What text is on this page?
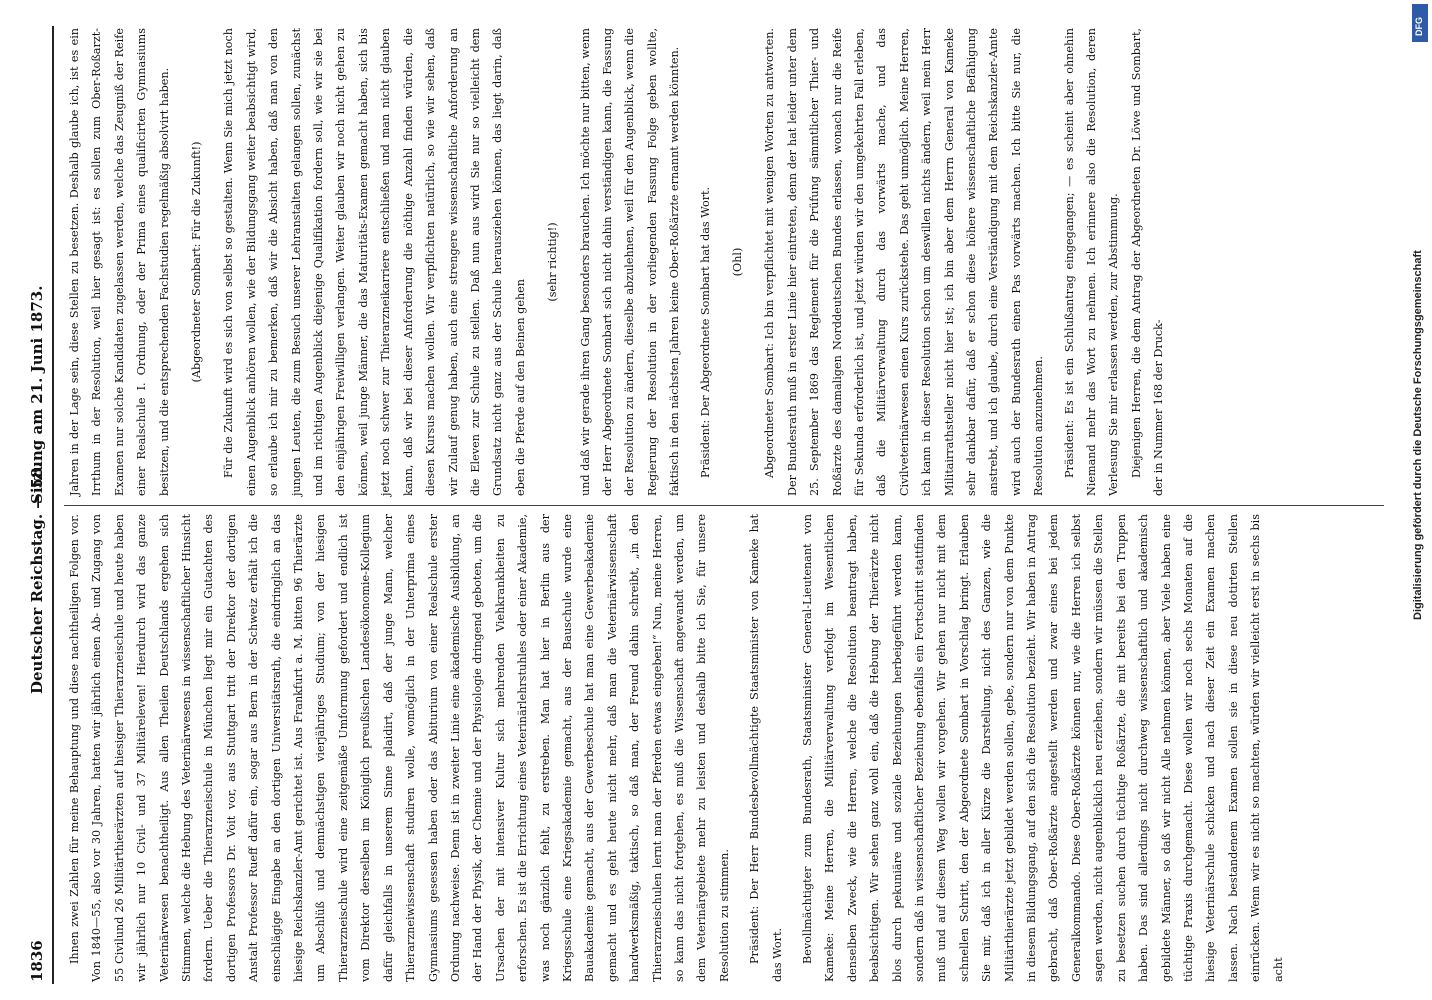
1836
Deutscher Reichstag. — 58.
Sitzung am 21. Juni 1873.

Ihnen zwei Zahlen für meine Behauptung und diese nachtheiligen Folgen vor. Von 1840—55, also vor 30 Jahren, hatten wir jährlich einen Ab- und Zugang von 55 Civilund 26 Militärthierärzten auf hiesiger Thierarzneischule und heute haben wir jährlich nur 10 Civil- und 37 Militäreleven! Hierdurch wird das ganze Veterinärwesen benachtheiligt. Aus allen Theilen Deutschlands ergehen sich Stimmen, welche die Hebung des Veterinärwesens in wissenschaftlicher Hinsicht fordern. Ueber die Thierarzneischule in München liegt mir ein Gutachten des dortigen Professors Dr. Voit vor, aus Stuttgart tritt der Direktor der dortigen Anstalt Professor Rueff dafür ein, sogar aus Bern in der Schweiz erhält ich die einschlägige Eingabe an den dortigen Universitätsrath, die eindringlich an das hiesige Reichskanzler-Amt gerichtet ist. Aus Frankfurt a. M. bitten 96 Thierärzte um Abschlüß und demnächstigen vierjähriges Studium; von der hiesigen Thierarzneischule wird eine zeitgemäße Umformung gefordert und endlich ist vom Direktor derselben im Königlich preußischen Landesökonomie-Kollegium dafür gleichfalls in unserem Sinne plaidirt, daß der junge Mann, welcher Thierarzneiwissenschaft studiren wolle, womöglich in der Unterprima eines Gymnasiums gesessen haben oder das Abiturium von einer Realschule erster Ordnung nachweise. Denn ist in zweiter Linie eine akademische Ausbildung, an der Hand der Physik, der Chemie und der Physiologie dringend geboten, um die Ursachen der mit intensiver Kultur sich mehrenden Viehkrankheiten zu erforschen. Es ist die Errichtung eines Veterinärlehrstuhles oder einer Akademie, was noch gänzlich fehlt, zu erstreben. Man hat hier in Berlin aus der Kriegsschule eine Kriegsakademie gemacht, aus der Bauschule wurde eine Bauakademie gemacht, aus der Gewerbeschule hat man eine Gewerbeakademie gemacht und es geht heute nicht mehr, daß man die Veterinärwissenschaft handwerksmäßig, taktisch, so daß man, der Freund dahin schreibt, „in den Thierarzneischulen lernt man der Pferden etwas eingeben!“ Nun, meine Herren, so kann das nicht fortgehen, es muß die Wissenschaft angewandt werden, um dem Veterinärgebiete mehr zu leisten und deshalb bitte ich Sie, für unsere Resolution zu stimmen.	Präsident: Der Herr Bundesbevollmächtigte Staatsminister von Kameke hat das Wort.	Bevollmächtigter zum Bundesrath, Staatsminister General-Lieutenant von Kameke: Meine Herren, die Militärverwaltung verfolgt im Wesentlichen denselben Zweck, wie die Herren, welche die Resolution beantragt haben, beabsichtigen. Wir sehen ganz wohl ein, daß die Hebung der Thierärzte nicht blos durch pekuniäre und soziale Beziehungen herbeigeführt werden kann, sondern daß in wissenschaftlicher Beziehung ebenfalls ein Fortschritt stattfinden muß und auf diesem Weg wollen wir vorgehen. Wir gehen nur nicht mit dem schnellen Schritt, den der Abgeordnete Sombart in Vorschlag bringt. Erlauben Sie mir, daß ich in aller Kürze die Darstellung, nicht des Ganzen, wie die Militärthierärzte jetzt gebildet werden sollen, gebe, sondern nur von dem Punkte in diesem Bildungsgang, auf den sich die Resolution bezieht. Wir haben in Antrag gebracht, daß Ober-Roßärzte angestellt werden und zwar eines bei jedem Generalkommando. Diese Ober-Roßärzte können nur, wie die Herren ich selbst sagen werden, nicht augenblicklich neu erziehen, sondern wir müssen die Stellen zu besetzen suchen durch tüchtige Roßärzte, die mit bereits bei den Truppen haben. Das sind allerdings nicht durchweg wissenschaftlich und akademisch gebildete Männer, so daß wir nicht Alle nehmen können, aber Viele haben eine tüchtige Praxis durchgemacht. Diese wollen wir noch sechs Monaten auf die hiesige Veterinärschule schicken und nach dieser Zeit ein Examen machen lassen. Nach bestandenem Examen sollen sie in diese neu dotirten Stellen einrücken. Wenn wir es nicht so machten, würden wir vielleicht erst in sechs bis acht

Jahren in der Lage sein, diese Stellen zu besetzen. Deshalb glaube ich, ist es ein Irrthum in der Resolution, weil hier gesagt ist: es sollen zum Ober-Roßarzt-Examen nur solche Kandidaten zugelassen werden, welche das Zeugniß der Reife einer Realschule I. Ordnung, oder der Prima eines qualificirten Gymnasiums besitzen, und die entsprechenden Fachstudien regelmäßig absolvirt haben.	(Abgeordneter Sombart: Für die Zukunft!)	Für die Zukunft wird es sich von selbst so gestalten. Wenn Sie mich jetzt noch einen Augenblick anhören wollen, wie der Bildungsgang weiter beabsichtigt wird, so erlaube ich mir zu bemerken, daß wir die Absicht haben, daß man von den jungen Leuten, die zum Besuch unserer Lehranstalten gelangen sollen, zunächst und im richtigen Augenblick diejenige Qualifikation fordern soll, wie wir sie bei den einjährigen Freiwilligen verlangen. Weiter glauben wir noch nicht gehen zu können, weil junge Männer, die das Maturitäts-Examen gemacht haben, sich bis jetzt noch schwer zur Thierarzneikarriere entschließen und man nicht glauben kann, daß wir bei dieser Anforderung die nöthige Anzahl finden würden, die diesen Kursus machen wollen. Wir verpflichten natürlich, so wie wir sehen, daß wir Zulauf genug haben, auch eine strengere wissenschaftliche Anforderung an die Eleven zur Schule zu stellen. Daß nun aus wird Sie nur so vielleicht dem Grundsatz nicht ganz aus der Schule herausziehen können, das liegt darin, daß eben die Pferde auf den Beinen gehen

(sehr richtig!)	und daß wir gerade ihren Gang besonders brauchen. Ich möchte nur bitten, wenn der Herr Abgeordnete Sombart sich nicht dahin verständigen kann, die Fassung der Resolution zu ändern, dieselbe abzulehnen, weil für den Augenblick, wenn die Regierung der Resolution in der vorliegenden Fassung Folge geben wollte, faktisch in den nächsten Jahren keine Ober-Roßärzte ernannt werden könnten.	Präsident: Der Abgeordnete Sombart hat das Wort.	(Ohl)	Abgeordneter Sombart: Ich bin verpflichtet mit wenigen Worten zu antworten. Der Bundesrath muß in erster Linie hier eintreten, denn der hat leider unter dem 25. September 1869 das Reglement für die Prüfung sämmtlicher Thier- und Roßärzte des damaligen Norddeutschen Bundes erlassen, wonach nur die Reife für Sekunda erforderlich ist, und jetzt würden wir den umgekehrten Fall erleben, daß die Militärverwaltung durch das vorwärts mache, und das Civilveterinärwesen einen Kurs zurückstehe. Das geht unmöglich. Meine Herren, ich kann in dieser Resolution schon um deswillen nichts ändern, weil mein Herr Militairrathsteller nicht hier ist; ich bin aber dem Herrn General von Kameke sehr dankbar dafür, daß er schon diese höhere wissenschaftliche Befähigung anstrebt, und ich glaube, durch eine Verständigung mit dem Reichskanzler-Amte wird auch der Bundesrath einen Pas vorwärts machen. Ich bitte Sie nur, die Resolution anzunehmen.	Präsident: Es ist ein Schlußantrag eingegangen; — es scheint aber ohnehin Niemand mehr das Wort zu nehmen. Ich erinnere also die Resolution, deren Verlesung Sie mir erlassen werden, zur Abstimmung. Diejenigen Herren, die dem Antrag der Abgeordneten Dr. Löwe und Sombart, der in Nummer 168 der Druck-

DFG
Digitalisierung gefördert durch die Deutsche Forschungsgemeinschaft
